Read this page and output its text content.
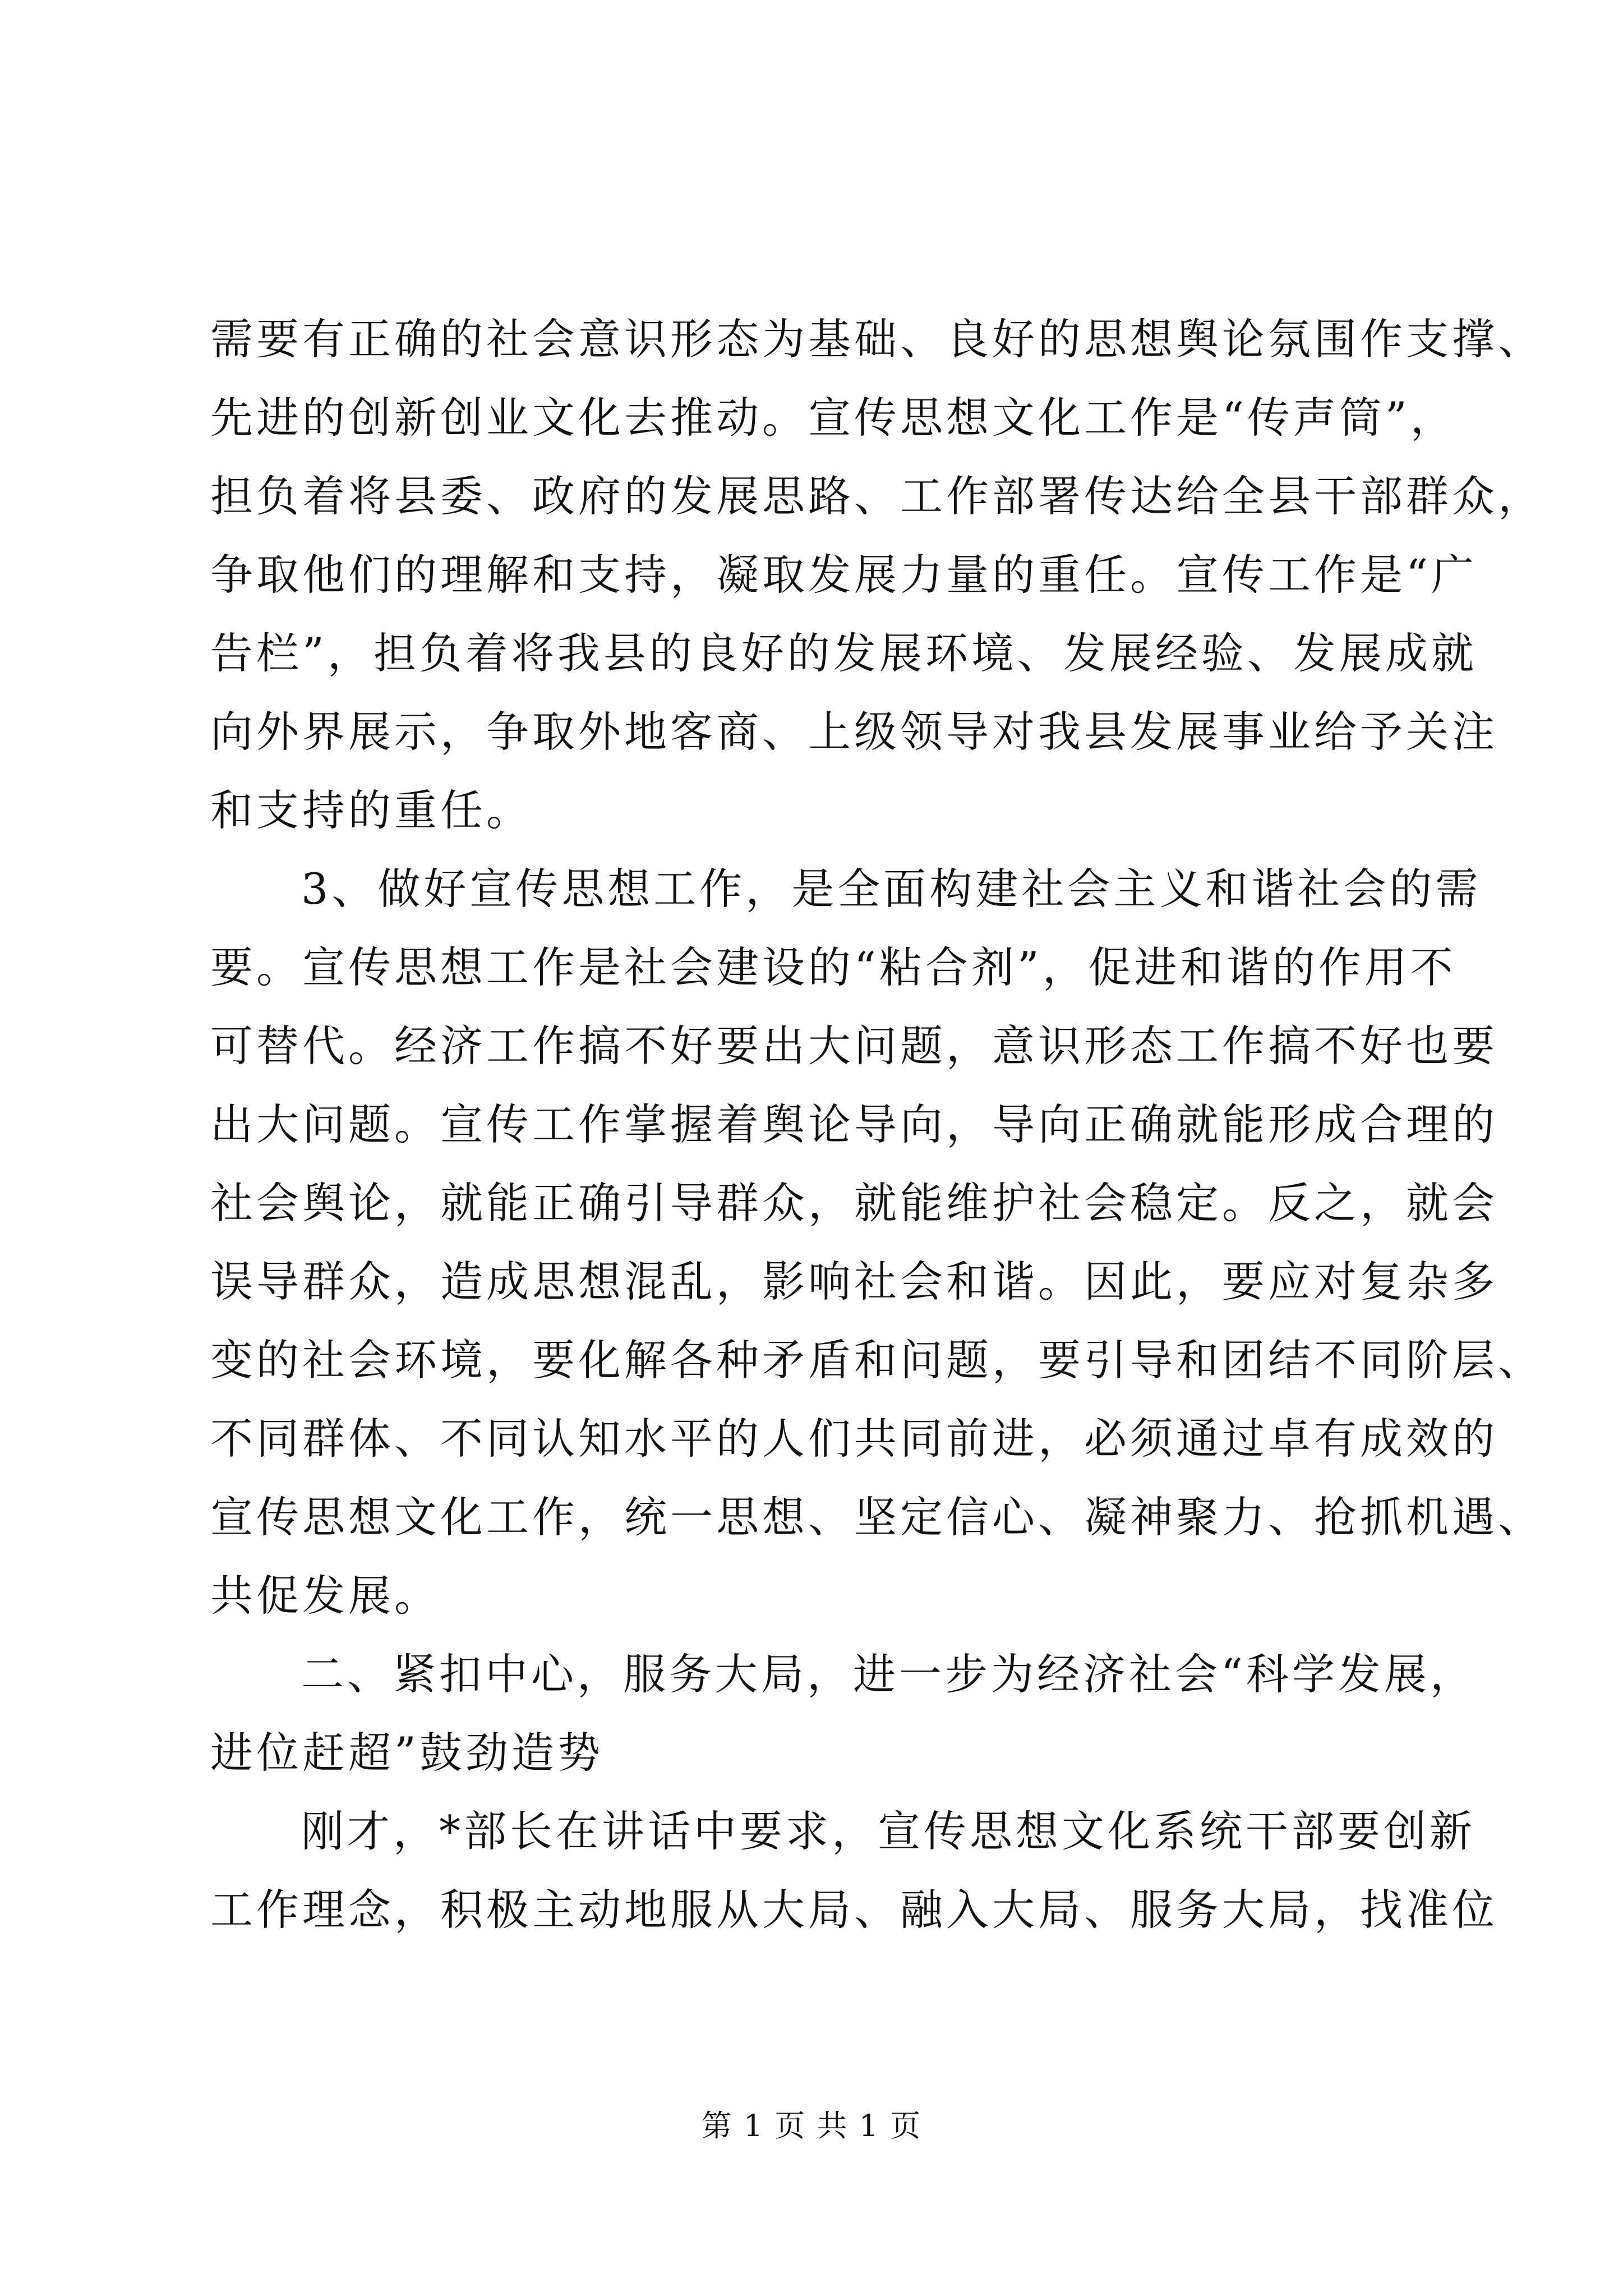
需要有正确的社会意识形态为基础、良好的思想舆论氛围作支撑、
先进的创新创业文化去推动。宣传思想文化工作是“传声筒”，
担负着将县委、政府的发展思路、工作部署传达给全县干部群众，
争取他们的理解和支持，凝取发展力量的重任。宣传工作是“广
告栏”，担负着将我县的良好的发展环境、发展经验、发展成就
向外界展示，争取外地客商、上级领导对我县发展事业给予关注
和支持的重任。
3、做好宣传思想工作，是全面构建社会主义和谐社会的需
要。宣传思想工作是社会建设的“粘合剂”，促进和谐的作用不
可替代。经济工作搞不好要出大问题，意识形态工作搞不好也要
出大问题。宣传工作掌握着舆论导向，导向正确就能形成合理的
社会舆论，就能正确引导群众，就能维护社会稳定。反之，就会
误导群众，造成思想混乱，影响社会和谐。因此，要应对复杂多
变的社会环境，要化解各种矛盾和问题，要引导和团结不同阶层、
不同群体、不同认知水平的人们共同前进，必须通过卓有成效的
宣传思想文化工作，统一思想、坚定信心、凝神聚力、抢抓机遇、
共促发展。
二、紧扣中心，服务大局，进一步为经济社会“科学发展，
进位赶超”鼓劲造势
刚才，*部长在讲话中要求，宣传思想文化系统干部要创新
工作理念，积极主动地服从大局、融入大局、服务大局，找准位
第 1 页 共 1 页
